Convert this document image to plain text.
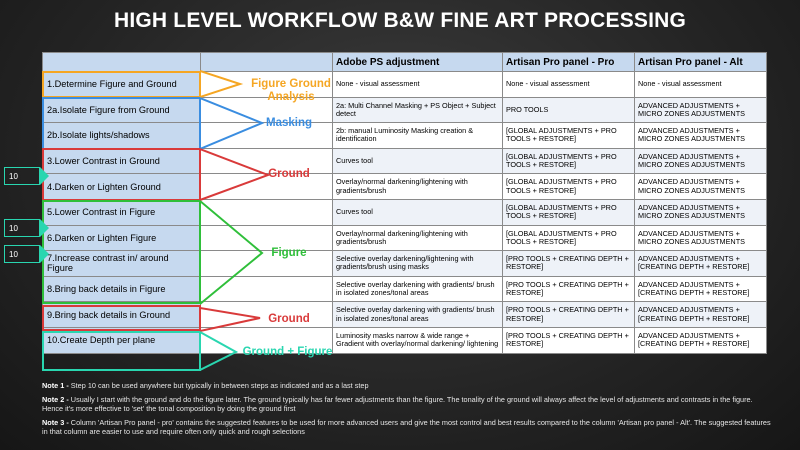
HIGH LEVEL WORKFLOW B&W FINE ART PROCESSING
		Adobe PS adjustment	Artisan Pro panel - Pro	Artisan Pro panel - Alt
1.Determine Figure and Ground		None - visual assessment	None - visual assessment	None - visual assessment
2a.Isolate Figure from Ground		2a: Multi Channel Masking + PS Object + Subject detect	PRO TOOLS	ADVANCED ADJUSTMENTS + MICRO ZONES ADJUSTMENTS
2b.Isolate lights/shadows		2b: manual Luminosity Masking creation & identification	[GLOBAL ADJUSTMENTS + PRO TOOLS + RESTORE]	ADVANCED ADJUSTMENTS + MICRO ZONES ADJUSTMENTS
3.Lower Contrast in Ground		Curves tool	[GLOBAL ADJUSTMENTS + PRO TOOLS + RESTORE]	ADVANCED ADJUSTMENTS + MICRO ZONES ADJUSTMENTS
4.Darken or Lighten Ground		Overlay/normal darkening/lightening with gradients/brush	[GLOBAL ADJUSTMENTS + PRO TOOLS + RESTORE]	ADVANCED ADJUSTMENTS + MICRO ZONES ADJUSTMENTS
5.Lower Contrast in Figure		Curves tool	[GLOBAL ADJUSTMENTS + PRO TOOLS + RESTORE]	ADVANCED ADJUSTMENTS + MICRO ZONES ADJUSTMENTS
6.Darken or Lighten Figure		Overlay/normal darkening/lightening with gradients/brush	[GLOBAL ADJUSTMENTS + PRO TOOLS + RESTORE]	ADVANCED ADJUSTMENTS + MICRO ZONES ADJUSTMENTS
7.Increase contrast in/ around Figure		Selective overlay darkening/lightening with gradients/brush using masks	[PRO TOOLS + CREATING DEPTH + RESTORE]	ADVANCED ADJUSTMENTS + [CREATING DEPTH + RESTORE]
8.Bring back details in Figure		Selective overlay darkening with gradients/ brush in isolated zones/tonal areas	[PRO TOOLS + CREATING DEPTH + RESTORE]	ADVANCED ADJUSTMENTS + [CREATING DEPTH + RESTORE]
9.Bring back details in Ground		Selective overlay darkening with gradients/ brush in isolated zones/tonal areas	[PRO TOOLS + CREATING DEPTH + RESTORE]	ADVANCED ADJUSTMENTS + [CREATING DEPTH + RESTORE]
10.Create Depth per plane		Luminosity masks narrow & wide range + Gradient with overlay/normal darkening/ lightening	[PRO TOOLS + CREATING DEPTH + RESTORE]	ADVANCED ADJUSTMENTS + [CREATING DEPTH + RESTORE]
Figure Ground
Analysis
Masking
Ground
Figure
Ground
Ground + Figure
10
10
10

Note 1 - Step 10 can be used anywhere but typically in between steps as indicated and as a last step

Note 2 - Usually I start with the ground and do the figure later. The ground typically has far fewer adjustments than the figure. The tonality of the ground will always affect the level of adjustments and contrasts in the figure. Hence it's more effective to 'set' the tonal composition by doing the ground first

Note 3 - Column 'Artisan Pro panel - pro' contains the suggested features to be used for more advanced users and give the most control and best results compared to the column 'Artisan pro panel - Alt'. The suggested features in that column are easier to use and require often only quick and rough selections
